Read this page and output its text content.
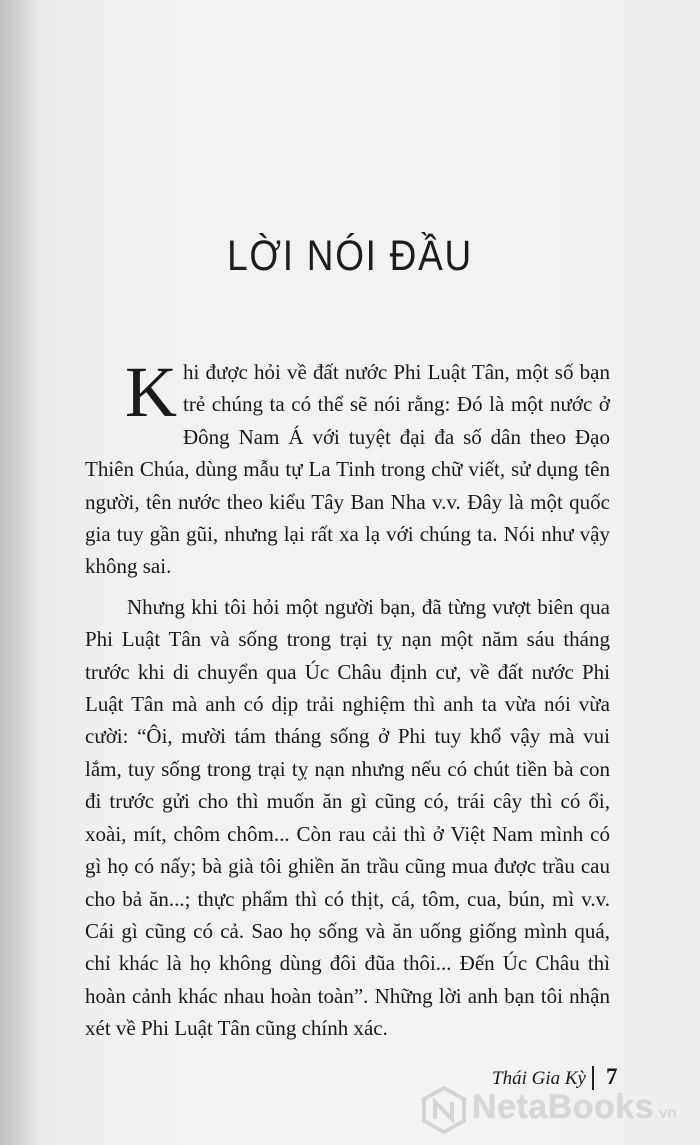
LỜI NÓI ĐẦU

Khi được hỏi về đất nước Phi Luật Tân, một số bạn trẻ chúng ta có thể sẽ nói rằng: Đó là một nước ở Đông Nam Á với tuyệt đại đa số dân theo Đạo Thiên Chúa, dùng mẫu tự La Tinh trong chữ viết, sử dụng tên người, tên nước theo kiểu Tây Ban Nha v.v. Đây là một quốc gia tuy gần gũi, nhưng lại rất xa lạ với chúng ta. Nói như vậy không sai.

Nhưng khi tôi hỏi một người bạn, đã từng vượt biên qua Phi Luật Tân và sống trong trại tỵ nạn một năm sáu tháng trước khi di chuyển qua Úc Châu định cư, về đất nước Phi Luật Tân mà anh có dịp trải nghiệm thì anh ta vừa nói vừa cười: “Ôi, mười tám tháng sống ở Phi tuy khổ vậy mà vui lắm, tuy sống trong trại tỵ nạn nhưng nếu có chút tiền bà con đi trước gửi cho thì muốn ăn gì cũng có, trái cây thì có ổi, xoài, mít, chôm chôm... Còn rau cải thì ở Việt Nam mình có gì họ có nấy; bà già tôi ghiền ăn trầu cũng mua được trầu cau cho bả ăn...; thực phẩm thì có thịt, cá, tôm, cua, bún, mì v.v. Cái gì cũng có cả. Sao họ sống và ăn uống giống mình quá, chỉ khác là họ không dùng đôi đũa thôi... Đến Úc Châu thì hoàn cảnh khác nhau hoàn toàn”. Những lời anh bạn tôi nhận xét về Phi Luật Tân cũng chính xác.

Thái Gia Kỳ 7
NetaBooks.vn
